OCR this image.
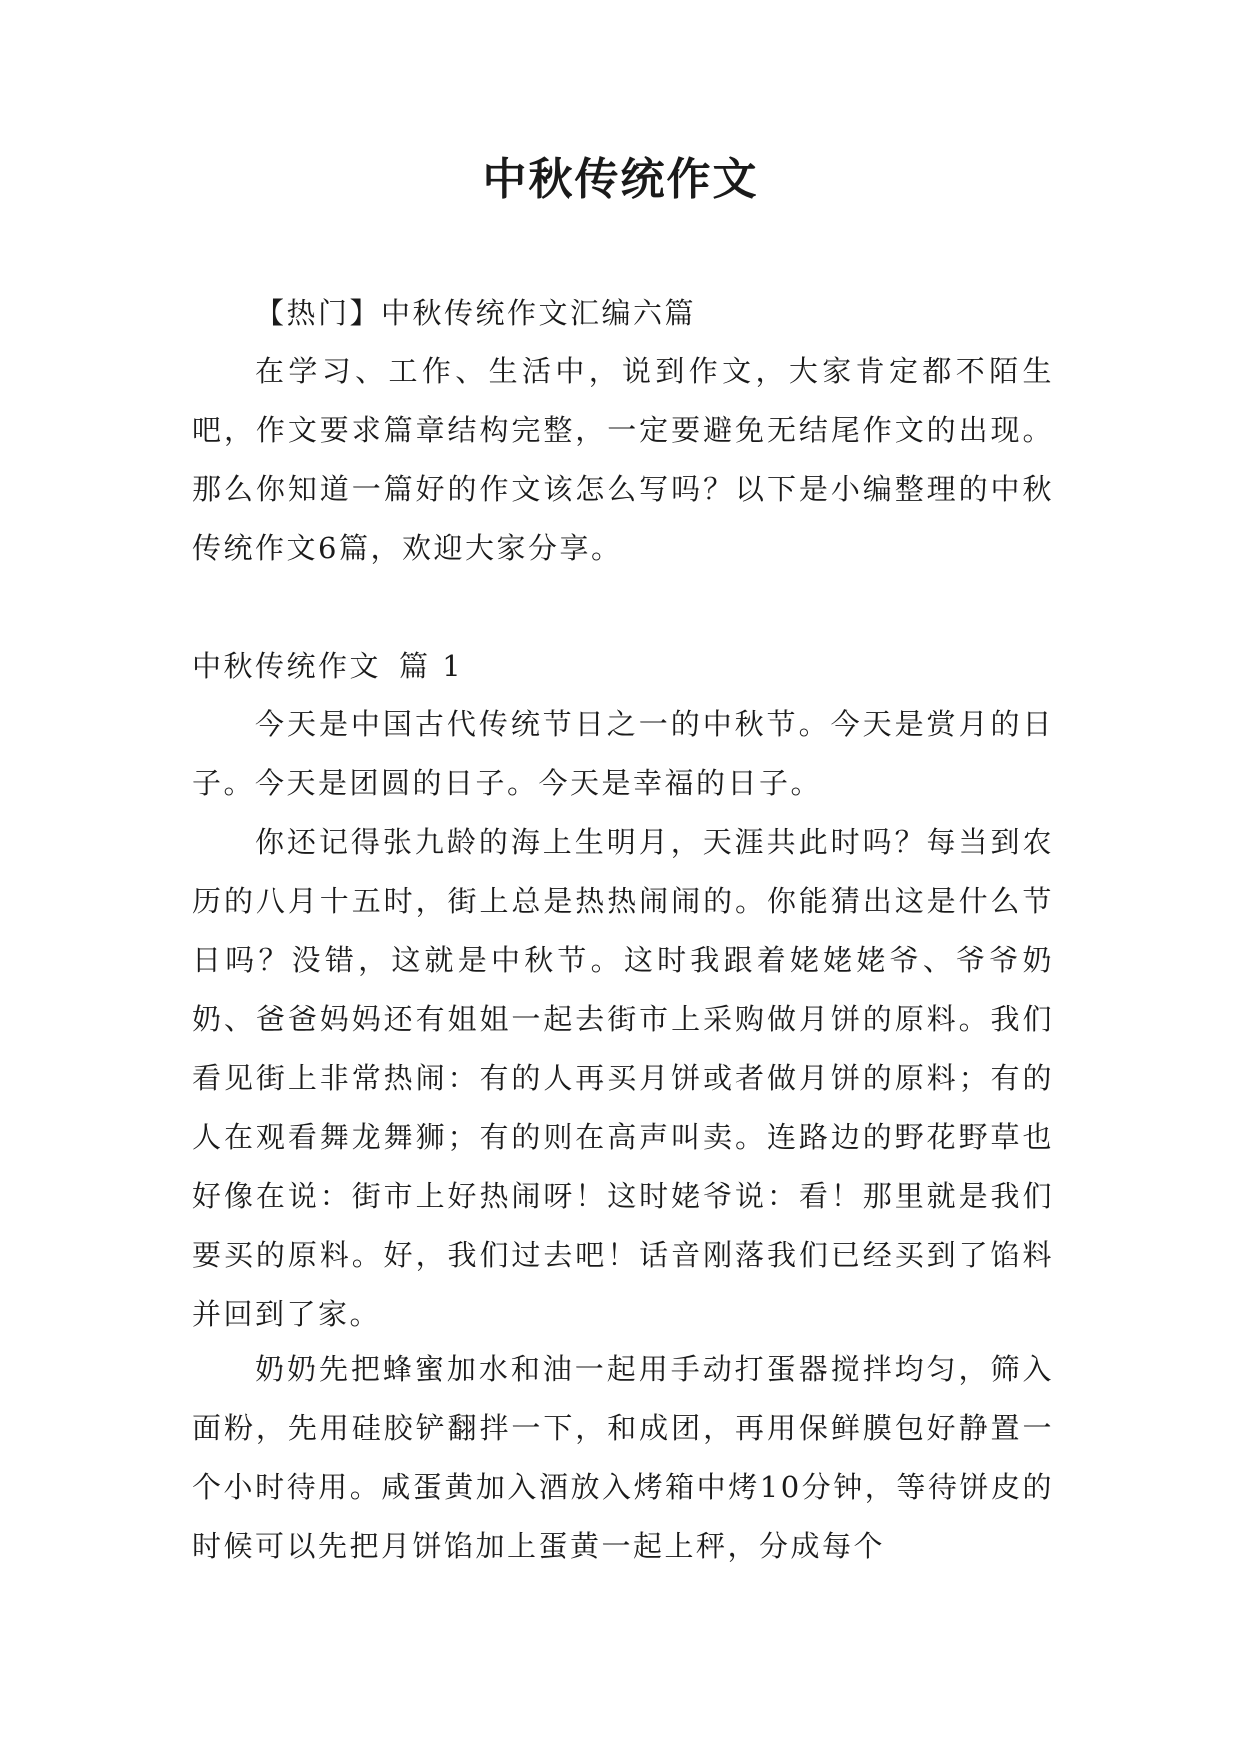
中秋传统作文

【热门】中秋传统作文汇编六篇

在学习、工作、生活中，说到作文，大家肯定都不陌生吧，作文要求篇章结构完整，一定要避免无结尾作文的出现。那么你知道一篇好的作文该怎么写吗？以下是小编整理的中秋传统作文6篇，欢迎大家分享。

中秋传统作文 篇 1

今天是中国古代传统节日之一的中秋节。今天是赏月的日子。今天是团圆的日子。今天是幸福的日子。

你还记得张九龄的海上生明月，天涯共此时吗？每当到农历的八月十五时，街上总是热热闹闹的。你能猜出这是什么节日吗？没错，这就是中秋节。这时我跟着姥姥姥爷、爷爷奶奶、爸爸妈妈还有姐姐一起去街市上采购做月饼的原料。我们看见街上非常热闹：有的人再买月饼或者做月饼的原料；有的人在观看舞龙舞狮；有的则在高声叫卖。连路边的野花野草也好像在说：街市上好热闹呀！这时姥爷说：看！那里就是我们要买的原料。好，我们过去吧！话音刚落我们已经买到了馅料并回到了家。

奶奶先把蜂蜜加水和油一起用手动打蛋器搅拌均匀，筛入面粉，先用硅胶铲翻拌一下，和成团，再用保鲜膜包好静置一个小时待用。咸蛋黄加入酒放入烤箱中烤10分钟，等待饼皮的时候可以先把月饼馅加上蛋黄一起上秤，分成每个
